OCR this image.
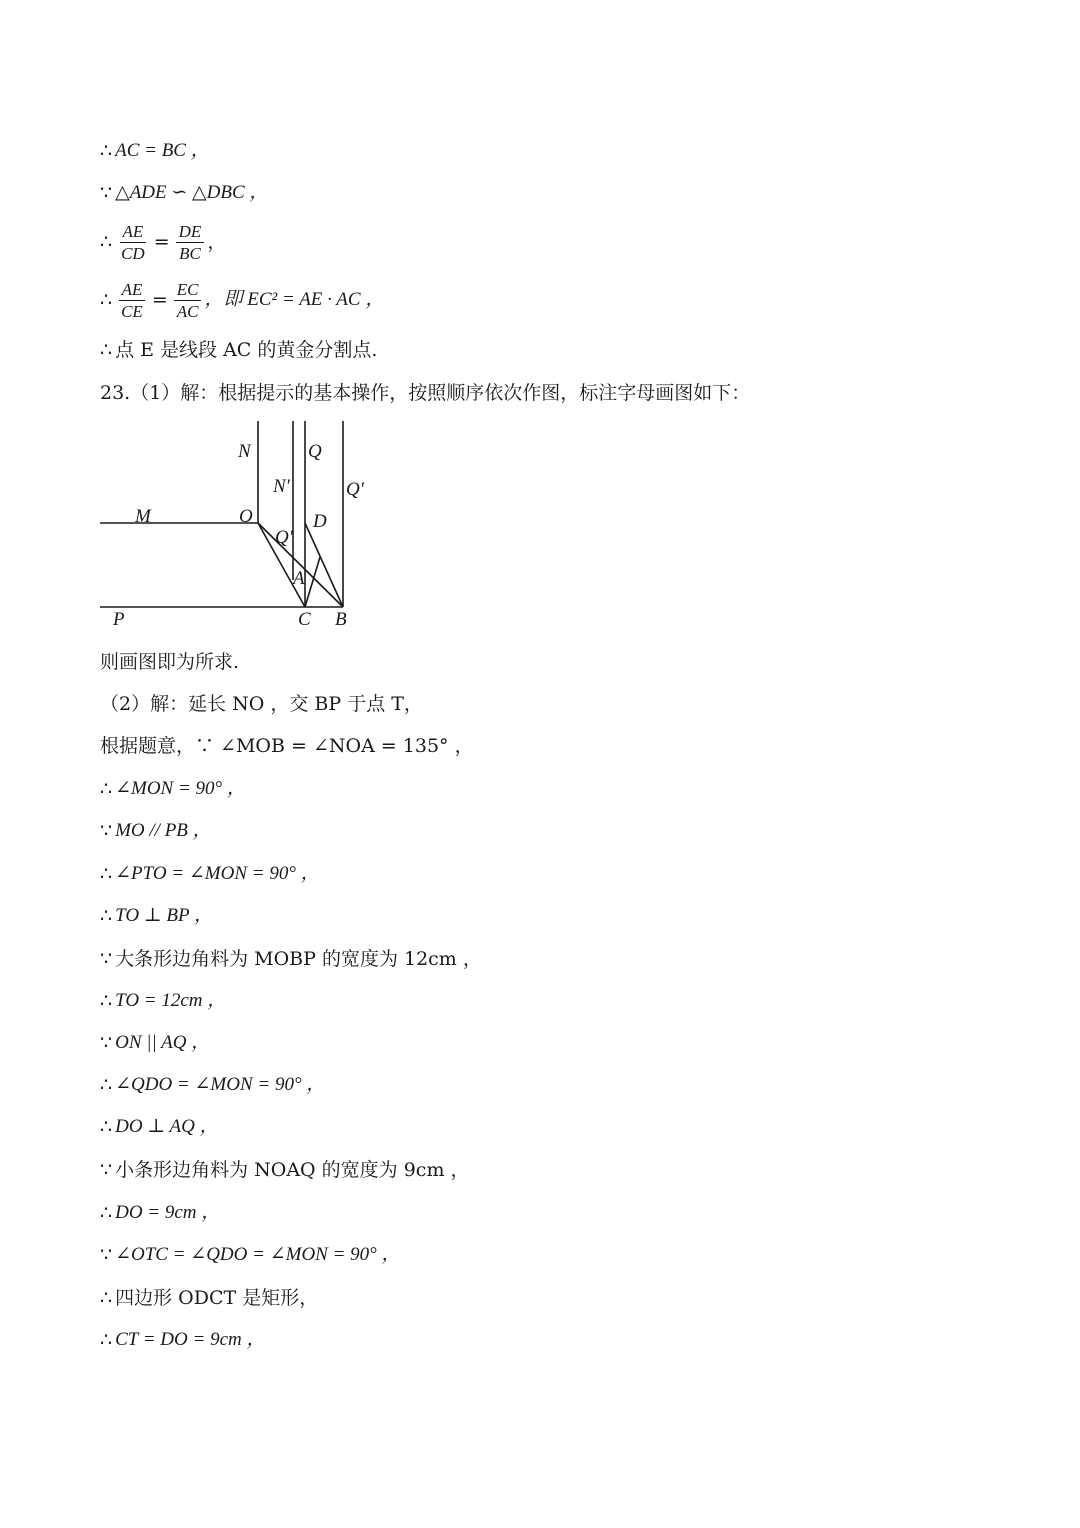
∴ AC = BC ，
∵ △ADE ∽ △DBC ，
∴ $\frac{AE}{CD} = \frac{DE}{BC}$ ，
∴ $\frac{AE}{CE} = \frac{EC}{AC}$ ，即 EC² = AE · AC ，
∴ 点 E 是线段 AC 的黄金分割点.
23.（1）解：根据提示的基本操作，按照顺序依次作图，标注字母画图如下：
N	Q
N′	Q′
M	O	D
Q′
A
P	C B
则画图即为所求.
（2）解：延长 NO ，交 BP 于点 T，
根据题意，∵ ∠MOB = ∠NOA = 135° ，
∴ ∠MON = 90° ，
∵ MO // PB ，
∴ ∠PTO = ∠MON = 90° ，
∴ TO ⊥ BP ，
∵ 大条形边角料为 MOBP 的宽度为 12cm ，
∴ TO = 12cm ，
∵ ON || AQ ，
∴ ∠QDO = ∠MON = 90° ，
∴ DO ⊥ AQ ，
∵ 小条形边角料为 NOAQ 的宽度为 9cm ，
∴ DO = 9cm ，
∵ ∠OTC = ∠QDO = ∠MON = 90° ，
∴ 四边形 ODCT 是矩形，
∴ CT = DO = 9cm ，
